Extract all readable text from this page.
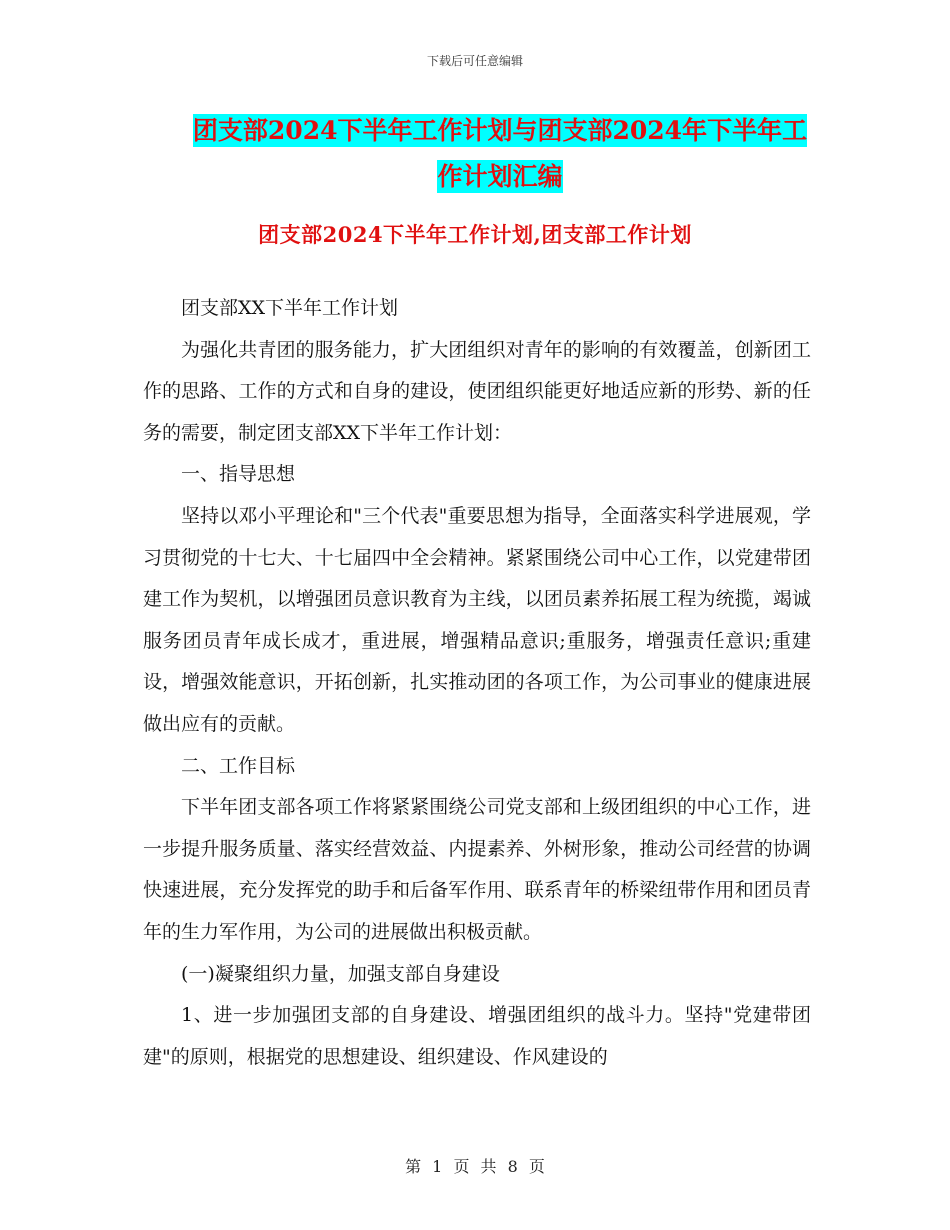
下载后可任意编辑
团支部2024下半年工作计划与团支部2024年下半年工作计划汇编
团支部2024下半年工作计划,团支部工作计划

团支部XX下半年工作计划

为强化共青团的服务能力，扩大团组织对青年的影响的有效覆盖，创新团工作的思路、工作的方式和自身的建设，使团组织能更好地适应新的形势、新的任务的需要，制定团支部XX下半年工作计划：

一、指导思想

坚持以邓小平理论和"三个代表"重要思想为指导，全面落实科学进展观，学习贯彻党的十七大、十七届四中全会精神。紧紧围绕公司中心工作，以党建带团建工作为契机，以增强团员意识教育为主线，以团员素养拓展工程为统揽，竭诚服务团员青年成长成才，重进展，增强精品意识;重服务，增强责任意识;重建设，增强效能意识，开拓创新，扎实推动团的各项工作，为公司事业的健康进展做出应有的贡献。

二、工作目标

下半年团支部各项工作将紧紧围绕公司党支部和上级团组织的中心工作，进一步提升服务质量、落实经营效益、内提素养、外树形象，推动公司经营的协调快速进展，充分发挥党的助手和后备军作用、联系青年的桥梁纽带作用和团员青年的生力军作用，为公司的进展做出积极贡献。

(一)凝聚组织力量，加强支部自身建设

1、进一步加强团支部的自身建设、增强团组织的战斗力。坚持"党建带团建"的原则，根据党的思想建设、组织建设、作风建设的

第 1 页 共 8 页
